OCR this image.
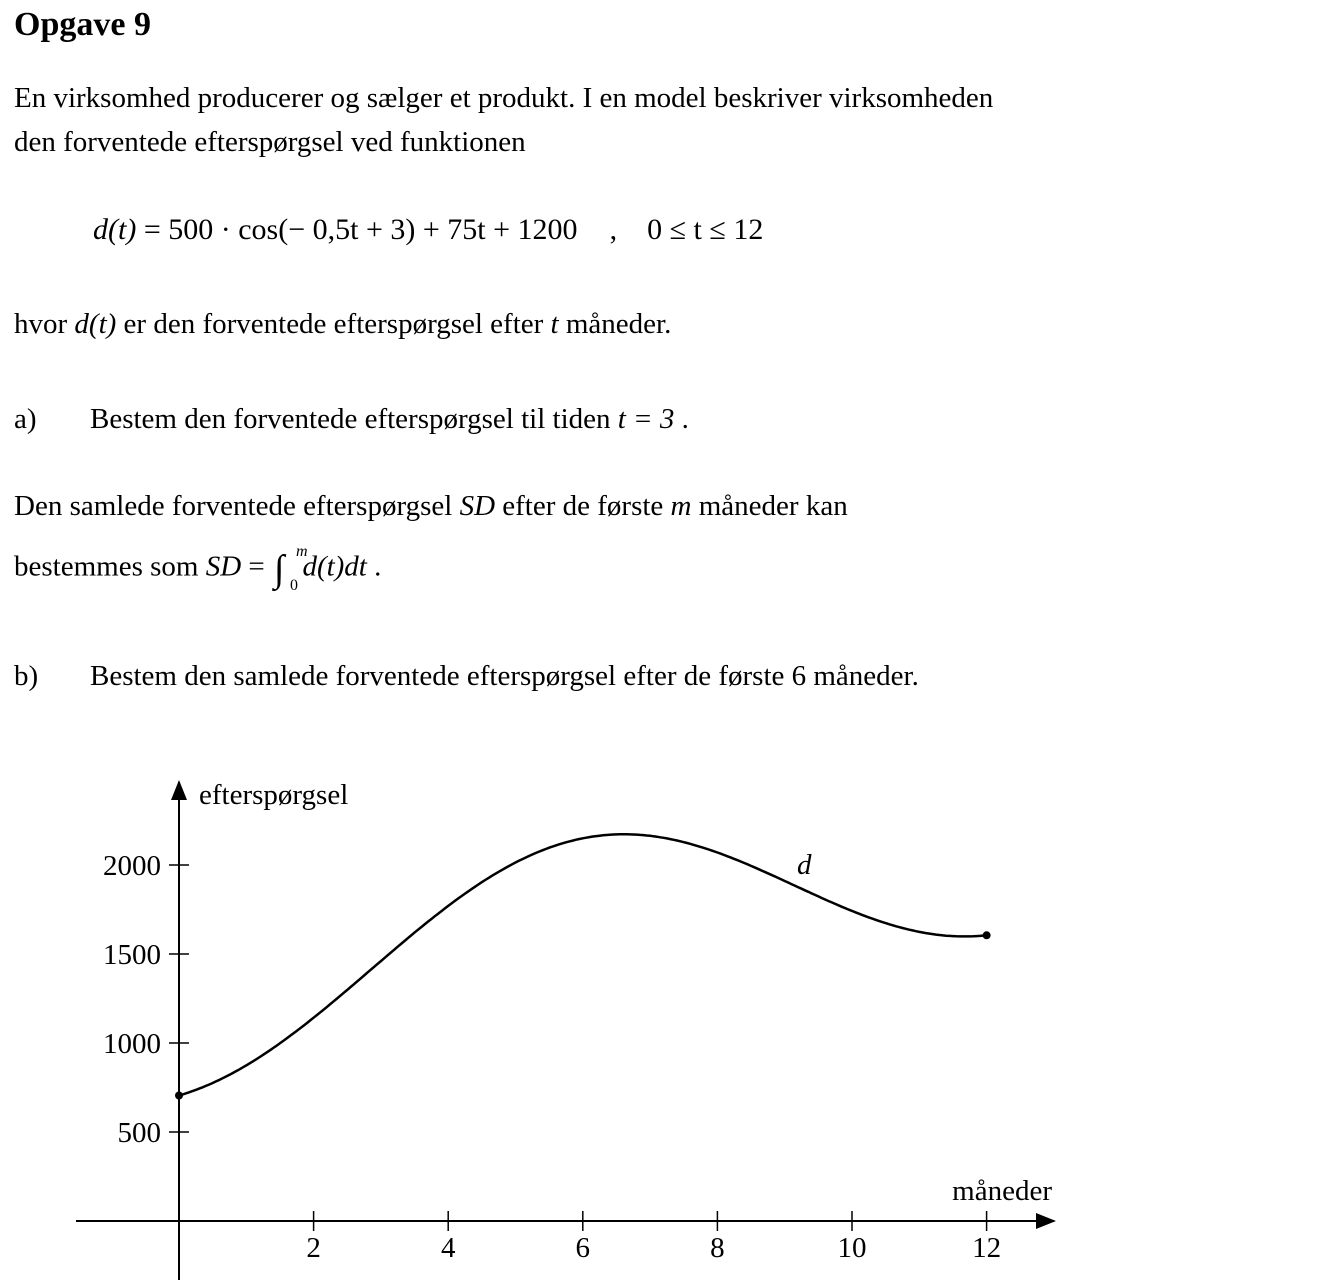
Opgave 9
En virksomhed producerer og sælger et produkt. I en model beskriver virksomheden
den forventede efterspørgsel ved funktionen
d(t) = 500 · cos(− 0,5t + 3) + 75t + 1200 , 0 ≤ t ≤ 12
hvor d(t) er den forventede efterspørgsel efter t måneder.
a) Bestem den forventede efterspørgsel til tiden t = 3 .
Den samlede forventede efterspørgsel SD efter de første m måneder kan
bestemmes som SD = ∫ m
0
d(t)dt .
b) Bestem den samlede forventede efterspørgsel efter de første 6 måneder.
2	4	6	8	10	12
500
1000
1500
2000
efterspørgsel
måneder
d
